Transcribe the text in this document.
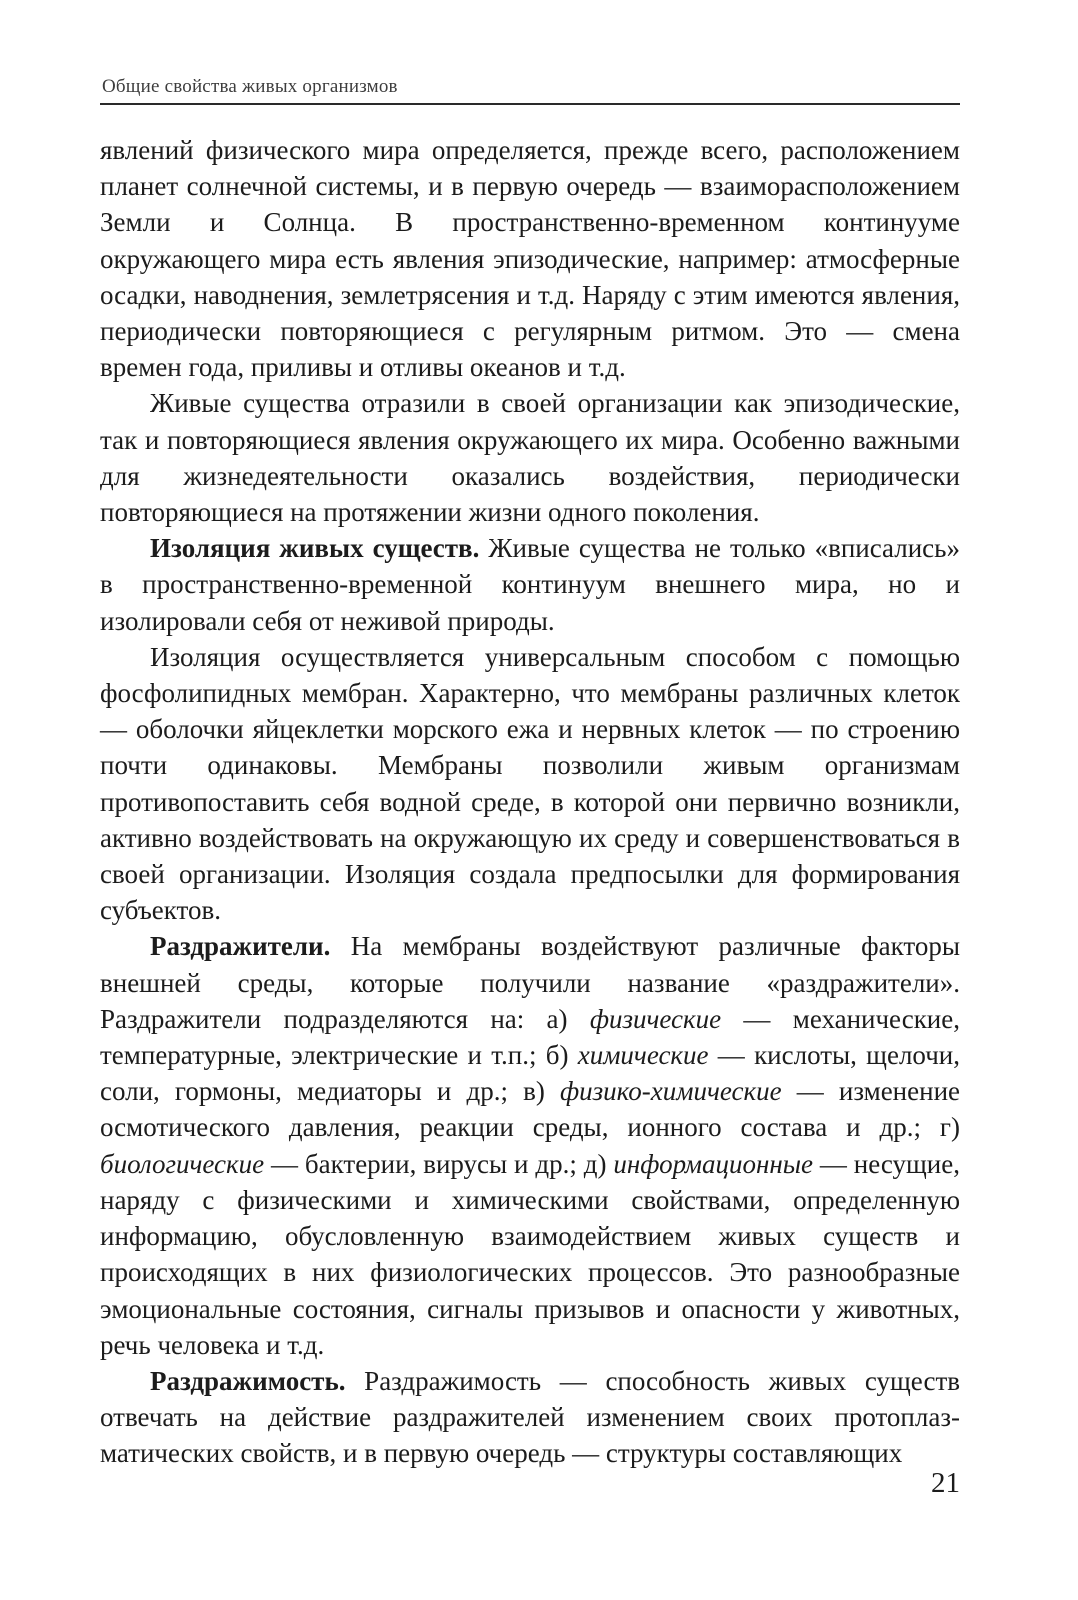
Общие свойства живых организмов

явлений физического мира определяется, прежде всего, расположением планет солнечной системы, и в первую очередь — взаиморасположением Земли и Солнца. В пространственно-временном континууме окружающего мира есть явления эпизодические, например: атмосферные осадки, наводнения, землетрясения и т.д. Наряду с этим имеются явления, периодически повторяющиеся с регулярным ритмом. Это — смена времен года, приливы и отливы океанов и т.д.

Живые существа отразили в своей организации как эпизодические, так и повторяющиеся явления окружающего их мира. Особенно важными для жизнедеятельности оказались воздействия, периодически повторяющиеся на протяжении жизни одного поколения.

Изоляция живых существ. Живые существа не только «вписались» в пространственно-временной континуум внешнего мира, но и изолировали себя от неживой природы.

Изоляция осуществляется универсальным способом с помощью фосфолипидных мембран. Характерно, что мембраны различных клеток — оболочки яйцеклетки морского ежа и нервных клеток — по строению почти одинаковы. Мембраны позволили живым организмам противопоставить себя водной среде, в которой они первично возникли, активно воздействовать на окружающую их среду и совершенствоваться в своей организации. Изоляция создала предпосылки для формирования субъектов.

Раздражители. На мембраны воздействуют различные факторы внешней среды, которые получили название «раздражители». Раздражители подразделяются на: а) физические — механические, температурные, электрические и т.п.; б) химические — кислоты, щелочи, соли, гормоны, медиаторы и др.; в) физико-химические — изменение осмотического давления, реакции среды, ионного состава и др.; г) биологические — бактерии, вирусы и др.; д) информационные — несущие, наряду с физическими и химическими свойствами, определенную информацию, обусловленную взаимодействием живых существ и происходящих в них физиологических процессов. Это разнообразные эмоциональные состояния, сигналы призывов и опасности у животных, речь человека и т.д.

Раздражимость. Раздражимость — способность живых существ отвечать на действие раздражителей изменением своих протоплазматических свойств, и в первую очередь — структуры составляющих

21
